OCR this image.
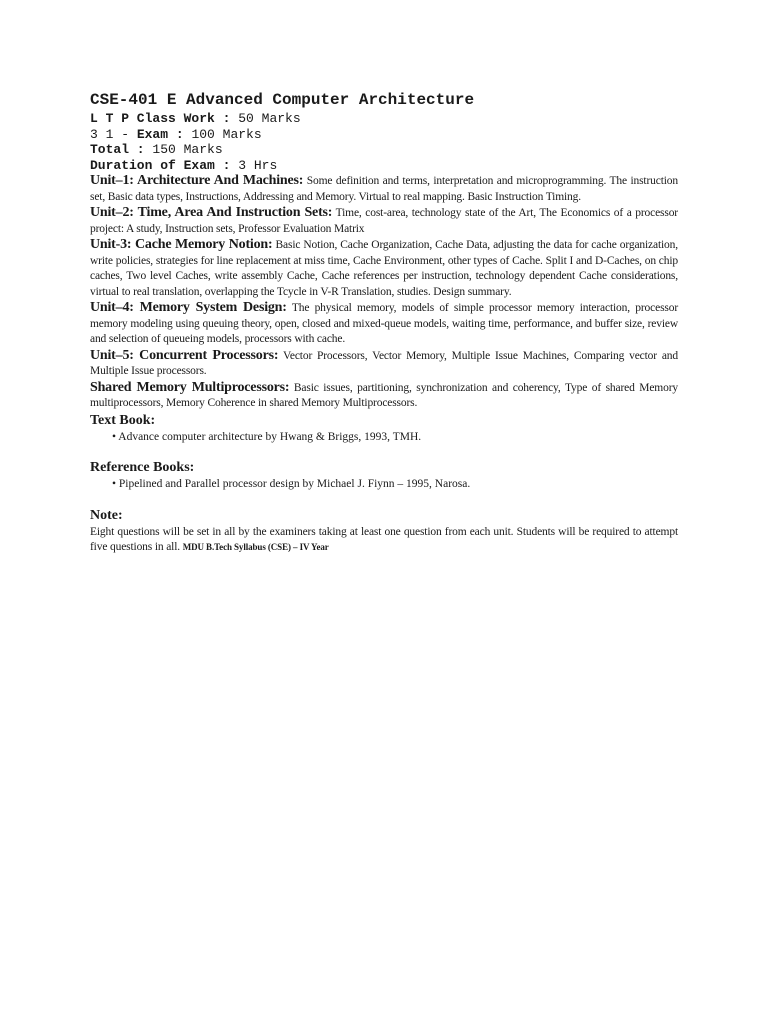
CSE-401 E Advanced Computer Architecture
L T P Class Work : 50 Marks
3 1 - Exam : 100 Marks
Total : 150 Marks
Duration of Exam : 3 Hrs
Unit–1: Architecture And Machines: Some definition and terms, interpretation and microprogramming. The instruction set, Basic data types, Instructions, Addressing and Memory. Virtual to real mapping. Basic Instruction Timing.
Unit–2: Time, Area And Instruction Sets: Time, cost-area, technology state of the Art, The Economics of a processor project: A study, Instruction sets, Professor Evaluation Matrix
Unit-3: Cache Memory Notion: Basic Notion, Cache Organization, Cache Data, adjusting the data for cache organization, write policies, strategies for line replacement at miss time, Cache Environment, other types of Cache. Split I and D-Caches, on chip caches, Two level Caches, write assembly Cache, Cache references per instruction, technology dependent Cache considerations, virtual to real translation, overlapping the Tcycle in V-R Translation, studies. Design summary.
Unit–4: Memory System Design: The physical memory, models of simple processor memory interaction, processor memory modeling using queuing theory, open, closed and mixed-queue models, waiting time, performance, and buffer size, review and selection of queueing models, processors with cache.
Unit–5: Concurrent Processors: Vector Processors, Vector Memory, Multiple Issue Machines, Comparing vector and Multiple Issue processors.
Shared Memory Multiprocessors: Basic issues, partitioning, synchronization and coherency, Type of shared Memory multiprocessors, Memory Coherence in shared Memory Multiprocessors.
Text Book:
• Advance computer architecture by Hwang & Briggs, 1993, TMH.
Reference Books:
• Pipelined and Parallel processor design by Michael J. Fiynn – 1995, Narosa.
Note:
Eight questions will be set in all by the examiners taking at least one question from each unit. Students will be required to attempt five questions in all. MDU B.Tech Syllabus (CSE) – IV Year
